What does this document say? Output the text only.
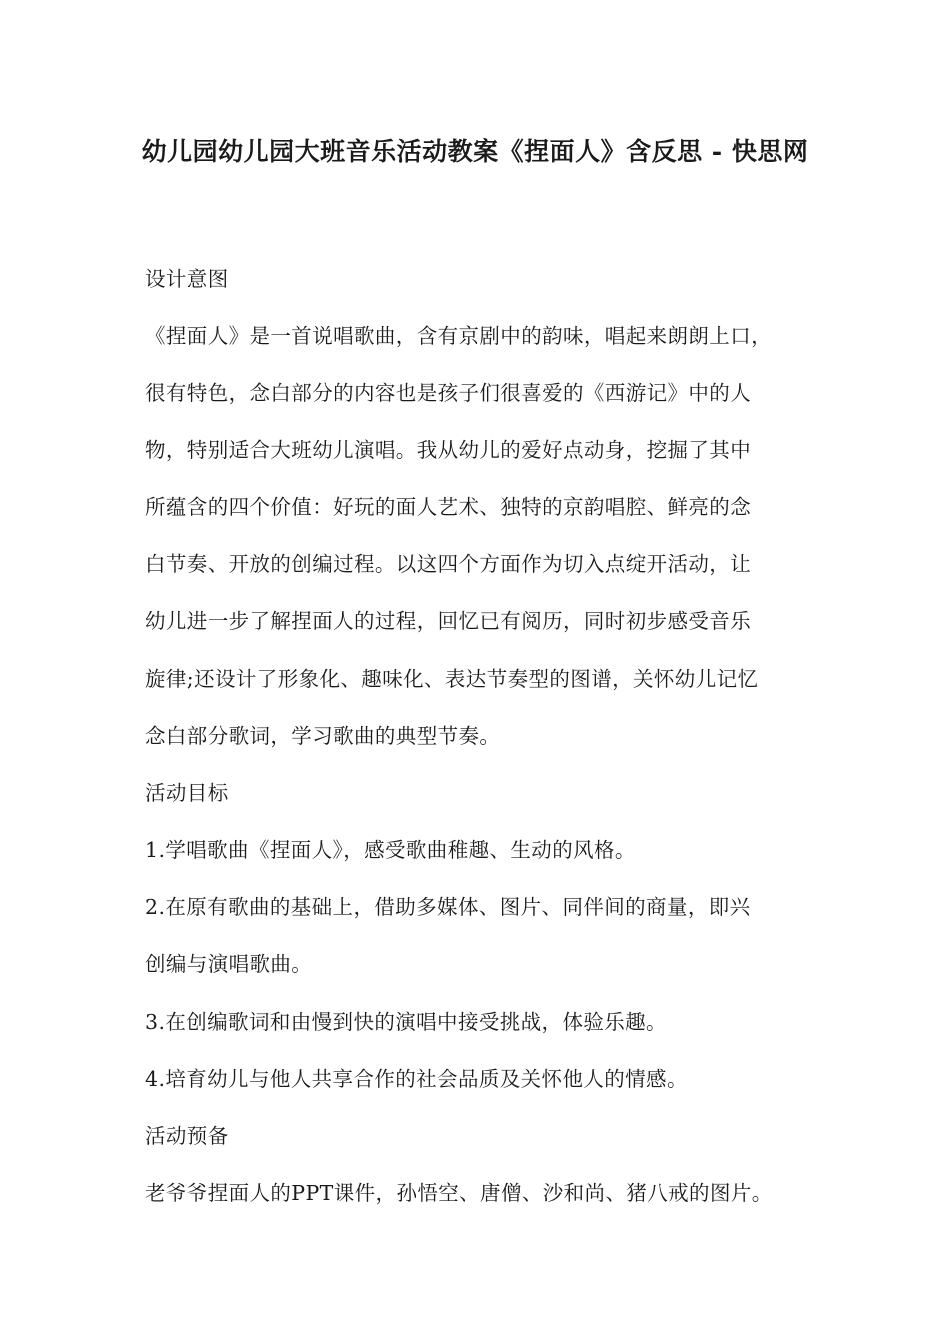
幼儿园幼儿园大班音乐活动教案《捏面人》含反思 - 快思网
设计意图
《捏面人》是一首说唱歌曲，含有京剧中的韵味，唱起来朗朗上口，
很有特色，念白部分的内容也是孩子们很喜爱的《西游记》中的人
物，特别适合大班幼儿演唱。我从幼儿的爱好点动身，挖掘了其中
所蕴含的四个价值：好玩的面人艺术、独特的京韵唱腔、鲜亮的念
白节奏、开放的创编过程。以这四个方面作为切入点绽开活动，让
幼儿进一步了解捏面人的过程，回忆已有阅历，同时初步感受音乐
旋律;还设计了形象化、趣味化、表达节奏型的图谱，关怀幼儿记忆
念白部分歌词，学习歌曲的典型节奏。
活动目标
1.学唱歌曲《捏面人》，感受歌曲稚趣、生动的风格。
2.在原有歌曲的基础上，借助多媒体、图片、同伴间的商量，即兴
创编与演唱歌曲。
3.在创编歌词和由慢到快的演唱中接受挑战，体验乐趣。
4.培育幼儿与他人共享合作的社会品质及关怀他人的情感。
活动预备
老爷爷捏面人的PPT课件，孙悟空、唐僧、沙和尚、猪八戒的图片。
